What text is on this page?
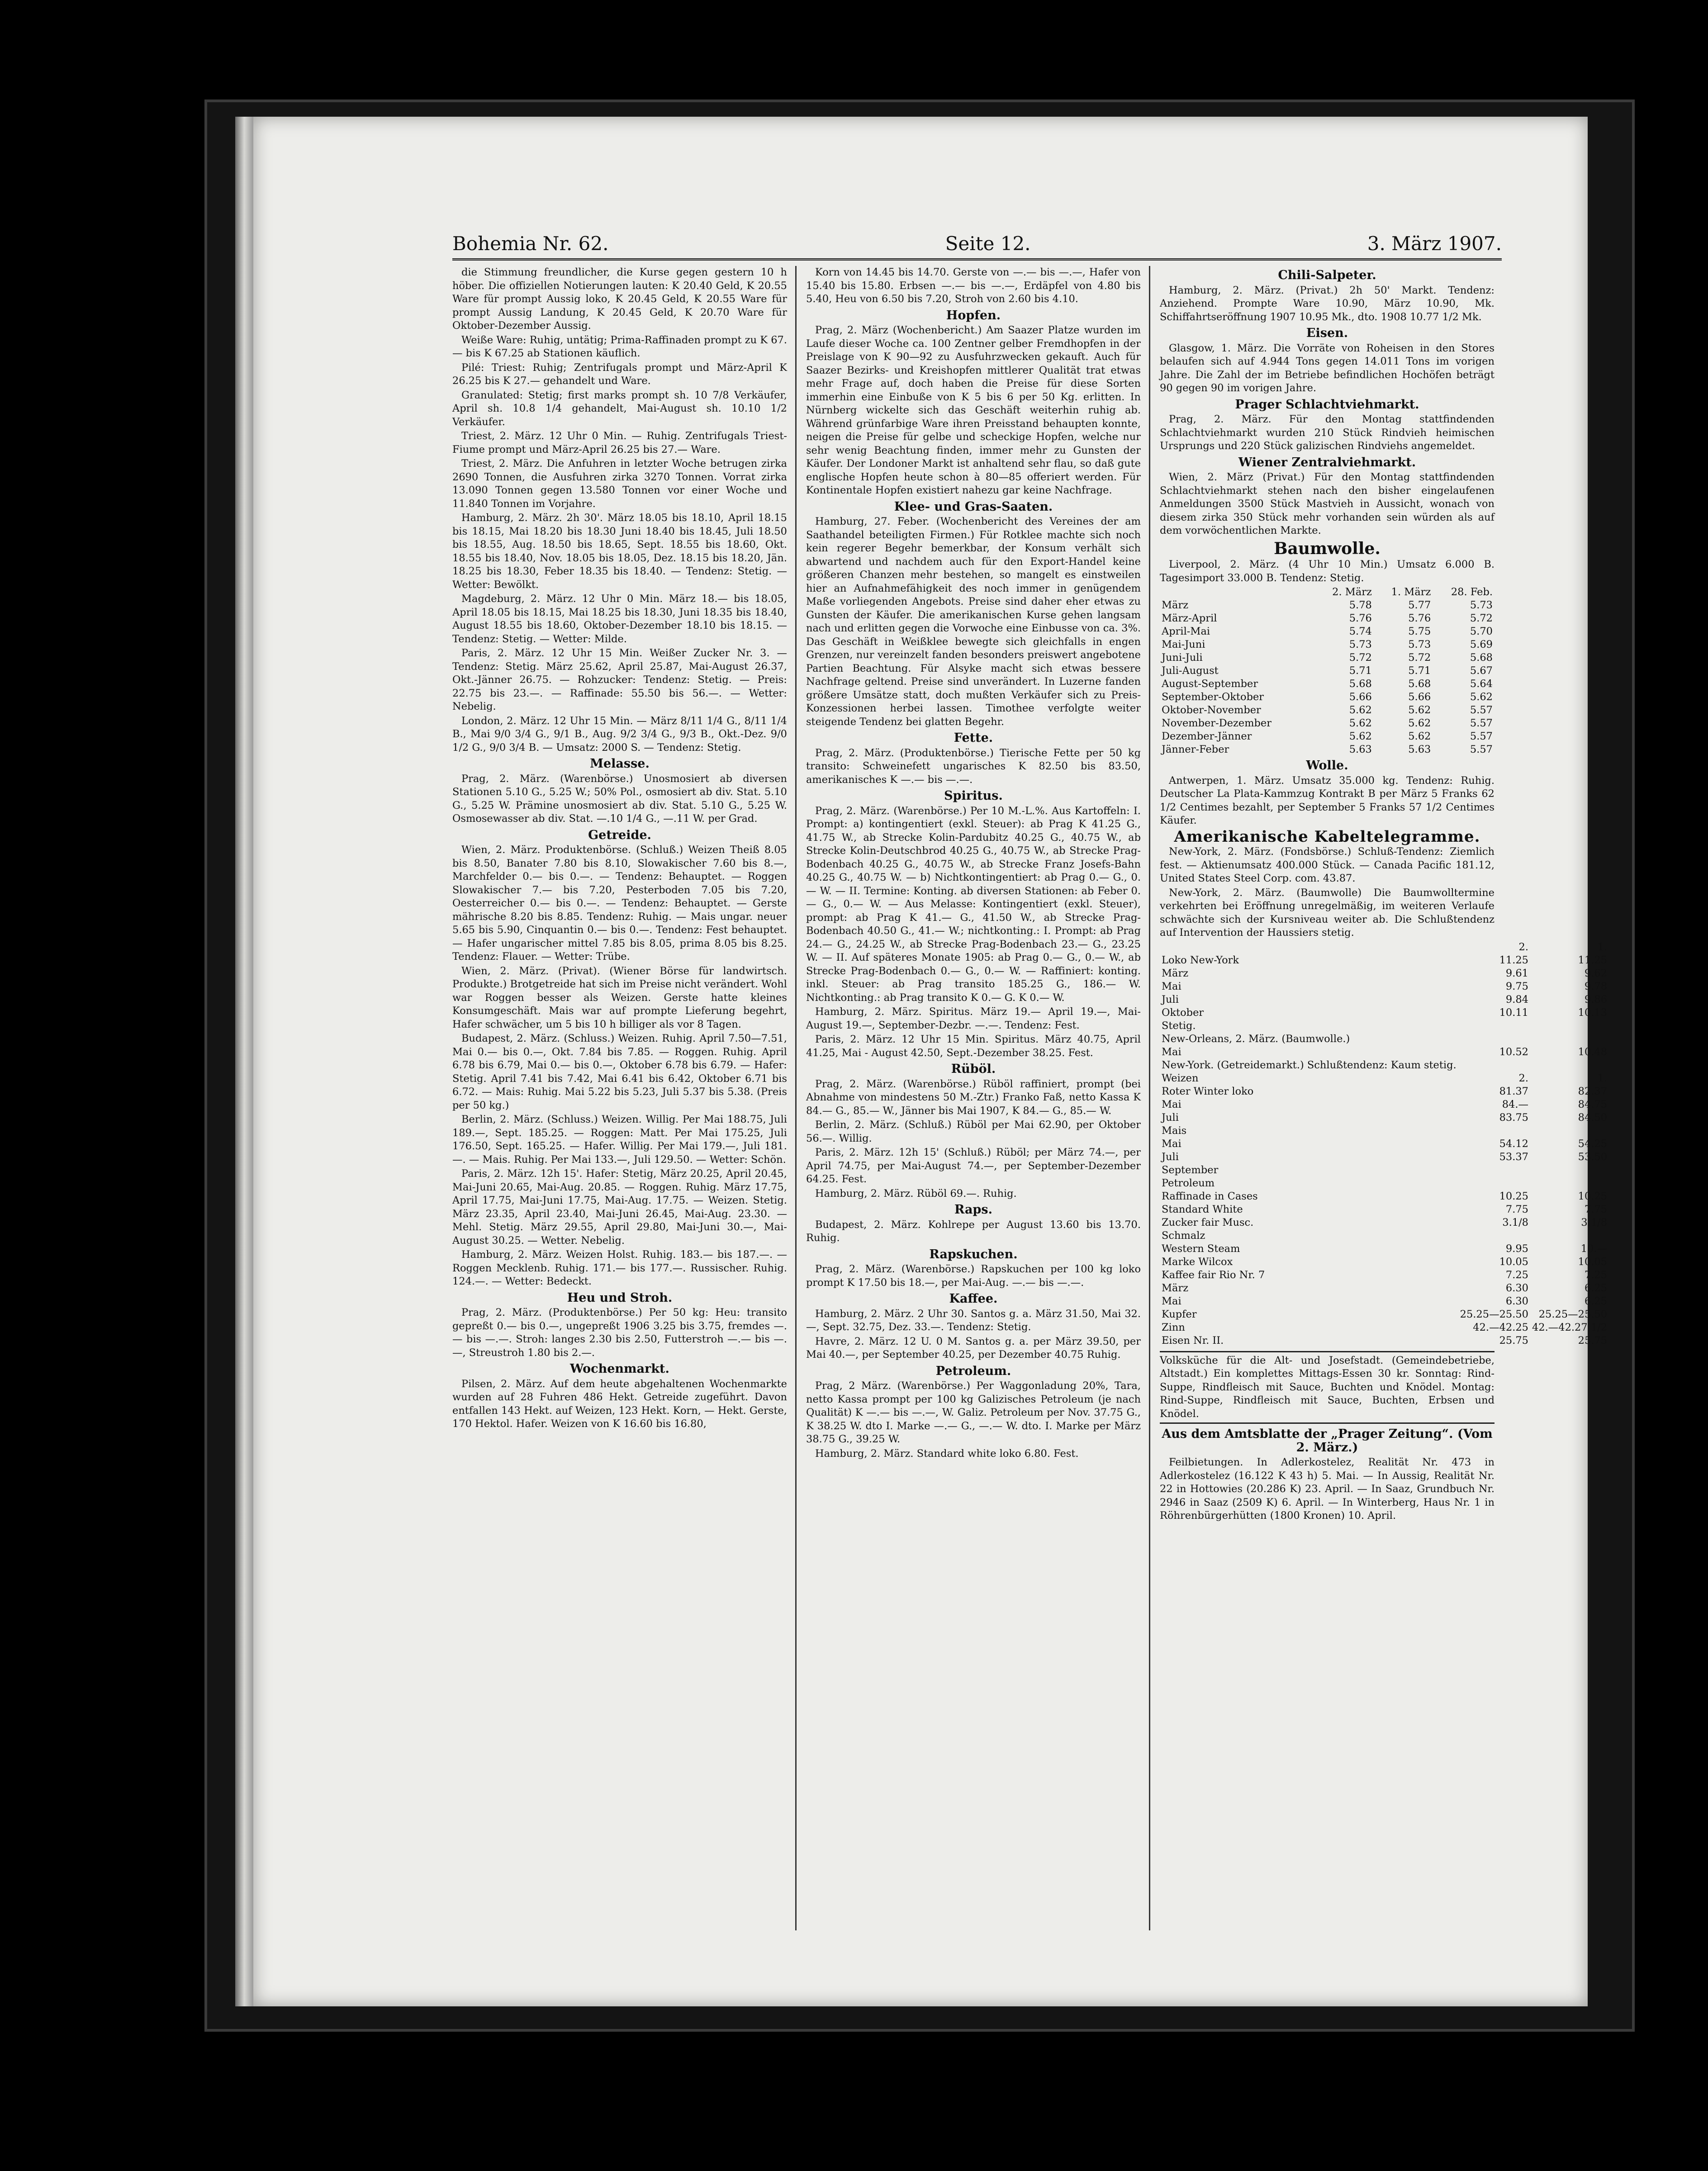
Bohemia Nr. 62.	Seite 12.	3. März 1907.

die Stimmung freundlicher, die Kurse gegen gestern 10 h höber. Die offiziellen Notierungen lauten: K 20.40 Geld, K 20.55 Ware für prompt Aussig loko, K 20.45 Geld, K 20.55 Ware für prompt Aussig Landung, K 20.45 Geld, K 20.70 Ware für Oktober-Dezember Aussig.

Weiße Ware: Ruhig, untätig; Prima-Raffinaden prompt zu K 67.— bis K 67.25 ab Stationen käuflich.

Pilé: Triest: Ruhig; Zentrifugals prompt und März-April K 26.25 bis K 27.— gehandelt und Ware.

Granulated: Stetig; first marks prompt sh. 10 7/8 Verkäufer, April sh. 10.8 1/4 gehandelt, Mai-August sh. 10.10 1/2 Verkäufer.

Triest, 2. März. 12 Uhr 0 Min. — Ruhig. Zentrifugals Triest-Fiume prompt und März-April 26.25 bis 27.— Ware.

Triest, 2. März. Die Anfuhren in letzter Woche betrugen zirka 2690 Tonnen, die Ausfuhren zirka 3270 Tonnen. Vorrat zirka 13.090 Tonnen gegen 13.580 Tonnen vor einer Woche und 11.840 Tonnen im Vorjahre.

Hamburg, 2. März. 2h 30'. März 18.05 bis 18.10, April 18.15 bis 18.15, Mai 18.20 bis 18.30 Juni 18.40 bis 18.45, Juli 18.50 bis 18.55, Aug. 18.50 bis 18.65, Sept. 18.55 bis 18.60, Okt. 18.55 bis 18.40, Nov. 18.05 bis 18.05, Dez. 18.15 bis 18.20, Jän. 18.25 bis 18.30, Feber 18.35 bis 18.40. — Tendenz: Stetig. — Wetter: Bewölkt.

Magdeburg, 2. März. 12 Uhr 0 Min. März 18.— bis 18.05, April 18.05 bis 18.15, Mai 18.25 bis 18.30, Juni 18.35 bis 18.40, August 18.55 bis 18.60, Oktober-Dezember 18.10 bis 18.15. — Tendenz: Stetig. — Wetter: Milde.

Paris, 2. März. 12 Uhr 15 Min. Weißer Zucker Nr. 3. — Tendenz: Stetig. März 25.62, April 25.87, Mai-August 26.37, Okt.-Jänner 26.75. — Rohzucker: Tendenz: Stetig. — Preis: 22.75 bis 23.—. — Raffinade: 55.50 bis 56.—. — Wetter: Nebelig.

London, 2. März. 12 Uhr 15 Min. — März 8/11 1/4 G., 8/11 1/4 B., Mai 9/0 3/4 G., 9/1 B., Aug. 9/2 3/4 G., 9/3 B., Okt.-Dez. 9/0 1/2 G., 9/0 3/4 B. — Umsatz: 2000 S. — Tendenz: Stetig.

Melasse.

Prag, 2. März. (Warenbörse.) Unosmosiert ab diversen Stationen 5.10 G., 5.25 W.; 50% Pol., osmosiert ab div. Stat. 5.10 G., 5.25 W. Prämine unosmosiert ab div. Stat. 5.10 G., 5.25 W. Osmosewasser ab div. Stat. —.10 1/4 G., —.11 W. per Grad.

Getreide.

Wien, 2. März. Produktenbörse. (Schluß.) Weizen Theiß 8.05 bis 8.50, Banater 7.80 bis 8.10, Slowakischer 7.60 bis 8.—, Marchfelder 0.— bis 0.—. — Tendenz: Behauptet. — Roggen Slowakischer 7.— bis 7.20, Pesterboden 7.05 bis 7.20, Oesterreicher 0.— bis 0.—. — Tendenz: Behauptet. — Gerste mährische 8.20 bis 8.85. Tendenz: Ruhig. — Mais ungar. neuer 5.65 bis 5.90, Cinquantin 0.— bis 0.—. Tendenz: Fest behauptet. — Hafer ungarischer mittel 7.85 bis 8.05, prima 8.05 bis 8.25. Tendenz: Flauer. — Wetter: Trübe.

Wien, 2. März. (Privat). (Wiener Börse für landwirtsch. Produkte.) Brotgetreide hat sich im Preise nicht verändert. Wohl war Roggen besser als Weizen. Gerste hatte kleines Konsumgeschäft. Mais war auf prompte Lieferung begehrt, Hafer schwächer, um 5 bis 10 h billiger als vor 8 Tagen.

Budapest, 2. März. (Schluss.) Weizen. Ruhig. April 7.50—7.51, Mai 0.— bis 0.—, Okt. 7.84 bis 7.85. — Roggen. Ruhig. April 6.78 bis 6.79, Mai 0.— bis 0.—, Oktober 6.78 bis 6.79. — Hafer: Stetig. April 7.41 bis 7.42, Mai 6.41 bis 6.42, Oktober 6.71 bis 6.72. — Mais: Ruhig. Mai 5.22 bis 5.23, Juli 5.37 bis 5.38. (Preis per 50 kg.)

Berlin, 2. März. (Schluss.) Weizen. Willig. Per Mai 188.75, Juli 189.—, Sept. 185.25. — Roggen: Matt. Per Mai 175.25, Juli 176.50, Sept. 165.25. — Hafer. Willig. Per Mai 179.—, Juli 181.—. — Mais. Ruhig. Per Mai 133.—, Juli 129.50. — Wetter: Schön.

Paris, 2. März. 12h 15'. Hafer: Stetig, März 20.25, April 20.45, Mai-Juni 20.65, Mai-Aug. 20.85. — Roggen. Ruhig. März 17.75, April 17.75, Mai-Juni 17.75, Mai-Aug. 17.75. — Weizen. Stetig. März 23.35, April 23.40, Mai-Juni 26.45, Mai-Aug. 23.30. — Mehl. Stetig. März 29.55, April 29.80, Mai-Juni 30.—, Mai-August 30.25. — Wetter. Nebelig.

Hamburg, 2. März. Weizen Holst. Ruhig. 183.— bis 187.—. — Roggen Mecklenb. Ruhig. 171.— bis 177.—. Russischer. Ruhig. 124.—. — Wetter: Bedeckt.

Heu und Stroh.

Prag, 2. März. (Produktenbörse.) Per 50 kg: Heu: transito gepreßt 0.— bis 0.—, ungepreßt 1906 3.25 bis 3.75, fremdes —.— bis —.—. Stroh: langes 2.30 bis 2.50, Futterstroh —.— bis —.—, Streustroh 1.80 bis 2.—.

Wochenmarkt.

Pilsen, 2. März. Auf dem heute abgehaltenen Wochenmarkte wurden auf 28 Fuhren 486 Hekt. Getreide zugeführt. Davon entfallen 143 Hekt. auf Weizen, 123 Hekt. Korn, — Hekt. Gerste, 170 Hektol. Hafer. Weizen von K 16.60 bis 16.80,

Korn von 14.45 bis 14.70. Gerste von —.— bis —.—, Hafer von 15.40 bis 15.80. Erbsen —.— bis —.—, Erdäpfel von 4.80 bis 5.40, Heu von 6.50 bis 7.20, Stroh von 2.60 bis 4.10.

Hopfen.

Prag, 2. März (Wochenbericht.) Am Saazer Platze wurden im Laufe dieser Woche ca. 100 Zentner gelber Fremdhopfen in der Preislage von K 90—92 zu Ausfuhrzwecken gekauft. Auch für Saazer Bezirks- und Kreishopfen mittlerer Qualität trat etwas mehr Frage auf, doch haben die Preise für diese Sorten immerhin eine Einbuße von K 5 bis 6 per 50 Kg. erlitten. In Nürnberg wickelte sich das Geschäft weiterhin ruhig ab. Während grünfarbige Ware ihren Preisstand behaupten konnte, neigen die Preise für gelbe und scheckige Hopfen, welche nur sehr wenig Beachtung finden, immer mehr zu Gunsten der Käufer. Der Londoner Markt ist anhaltend sehr flau, so daß gute englische Hopfen heute schon à 80—85 offeriert werden. Für Kontinentale Hopfen existiert nahezu gar keine Nachfrage.

Klee- und Gras-Saaten.

Hamburg, 27. Feber. (Wochenbericht des Vereines der am Saathandel beteiligten Firmen.) Für Rotklee machte sich noch kein regerer Begehr bemerkbar, der Konsum verhält sich abwartend und nachdem auch für den Export-Handel keine größeren Chanzen mehr bestehen, so mangelt es einstweilen hier an Aufnahmefähigkeit des noch immer in genügendem Maße vorliegenden Angebots. Preise sind daher eher etwas zu Gunsten der Käufer. Die amerikanischen Kurse gehen langsam nach und erlitten gegen die Vorwoche eine Einbusse von ca. 3%. Das Geschäft in Weißklee bewegte sich gleichfalls in engen Grenzen, nur vereinzelt fanden besonders preiswert angebotene Partien Beachtung. Für Alsyke macht sich etwas bessere Nachfrage geltend. Preise sind unverändert. In Luzerne fanden größere Umsätze statt, doch mußten Verkäufer sich zu Preis-Konzessionen herbei lassen. Timothee verfolgte weiter steigende Tendenz bei glatten Begehr.

Fette.

Prag, 2. März. (Produktenbörse.) Tierische Fette per 50 kg transito: Schweinefett ungarisches K 82.50 bis 83.50, amerikanisches K —.— bis —.—.

Spiritus.

Prag, 2. März. (Warenbörse.) Per 10 M.-L.%. Aus Kartoffeln: I. Prompt: a) kontingentiert (exkl. Steuer): ab Prag K 41.25 G., 41.75 W., ab Strecke Kolin-Pardubitz 40.25 G., 40.75 W., ab Strecke Kolin-Deutschbrod 40.25 G., 40.75 W., ab Strecke Prag-Bodenbach 40.25 G., 40.75 W., ab Strecke Franz Josefs-Bahn 40.25 G., 40.75 W. — b) Nichtkontingentiert: ab Prag 0.— G., 0.— W. — II. Termine: Konting. ab diversen Stationen: ab Feber 0.— G., 0.— W. — Aus Melasse: Kontingentiert (exkl. Steuer), prompt: ab Prag K 41.— G., 41.50 W., ab Strecke Prag-Bodenbach 40.50 G., 41.— W.; nichtkonting.: I. Prompt: ab Prag 24.— G., 24.25 W., ab Strecke Prag-Bodenbach 23.— G., 23.25 W. — II. Auf späteres Monate 1905: ab Prag 0.— G., 0.— W., ab Strecke Prag-Bodenbach 0.— G., 0.— W. — Raffiniert: konting. inkl. Steuer: ab Prag transito 185.25 G., 186.— W. Nichtkonting.: ab Prag transito K 0.— G. K 0.— W.

Hamburg, 2. März. Spiritus. März 19.— April 19.—, Mai-August 19.—, September-Dezbr. —.—. Tendenz: Fest.

Paris, 2. März. 12 Uhr 15 Min. Spiritus. März 40.75, April 41.25, Mai - August 42.50, Sept.-Dezember 38.25. Fest.

Rüböl.

Prag, 2. März. (Warenbörse.) Rüböl raffiniert, prompt (bei Abnahme von mindestens 50 M.-Ztr.) Franko Faß, netto Kassa K 84.— G., 85.— W., Jänner bis Mai 1907, K 84.— G., 85.— W.

Berlin, 2. März. (Schluß.) Rüböl per Mai 62.90, per Oktober 56.—. Willig.

Paris, 2. März. 12h 15' (Schluß.) Rüböl; per März 74.—, per April 74.75, per Mai-August 74.—, per September-Dezember 64.25. Fest.

Hamburg, 2. März. Rüböl 69.—. Ruhig.

Raps.

Budapest, 2. März. Kohlrepe per August 13.60 bis 13.70. Ruhig.

Rapskuchen.

Prag, 2. März. (Warenbörse.) Rapskuchen per 100 kg loko prompt K 17.50 bis 18.—, per Mai-Aug. —.— bis —.—.

Kaffee.

Hamburg, 2. März. 2 Uhr 30. Santos g. a. März 31.50, Mai 32.—, Sept. 32.75, Dez. 33.—. Tendenz: Stetig.

Havre, 2. März. 12 U. 0 M. Santos g. a. per März 39.50, per Mai 40.—, per September 40.25, per Dezember 40.75 Ruhig.

Petroleum.

Prag, 2 März. (Warenbörse.) Per Waggonladung 20%, Tara, netto Kassa prompt per 100 kg Galizisches Petroleum (je nach Qualität) K —.— bis —.—, W. Galiz. Petroleum per Nov. 37.75 G., K 38.25 W. dto I. Marke —.— G., —.— W. dto. I. Marke per März 38.75 G., 39.25 W.

Hamburg, 2. März. Standard white loko 6.80. Fest.

Chili-Salpeter.

Hamburg, 2. März. (Privat.) 2h 50' Markt. Tendenz: Anziehend. Prompte Ware 10.90, März 10.90, Mk. Schiffahrtseröffnung 1907 10.95 Mk., dto. 1908 10.77 1/2 Mk.

Eisen.

Glasgow, 1. März. Die Vorräte von Roheisen in den Stores belaufen sich auf 4.944 Tons gegen 14.011 Tons im vorigen Jahre. Die Zahl der im Betriebe befindlichen Hochöfen beträgt 90 gegen 90 im vorigen Jahre.

Prager Schlachtviehmarkt.

Prag, 2. März. Für den Montag stattfindenden Schlachtviehmarkt wurden 210 Stück Rindvieh heimischen Ursprungs und 220 Stück galizischen Rindviehs angemeldet.

Wiener Zentralviehmarkt.

Wien, 2. März (Privat.) Für den Montag stattfindenden Schlachtviehmarkt stehen nach den bisher eingelaufenen Anmeldungen 3500 Stück Mastvieh in Aussicht, wonach von diesem zirka 350 Stück mehr vorhanden sein würden als auf dem vorwöchentlichen Markte.

Baumwolle.

Liverpool, 2. März. (4 Uhr 10 Min.) Umsatz 6.000 B. Tagesimport 33.000 B. Tendenz: Stetig.

	2. März	1. März	28. Feb.
März	5.78	5.77	5.73
März-April	5.76	5.76	5.72
April-Mai	5.74	5.75	5.70
Mai-Juni	5.73	5.73	5.69
Juni-Juli	5.72	5.72	5.68
Juli-August	5.71	5.71	5.67
August-September	5.68	5.68	5.64
September-Oktober	5.66	5.66	5.62
Oktober-November	5.62	5.62	5.57
November-Dezember	5.62	5.62	5.57
Dezember-Jänner	5.62	5.62	5.57
Jänner-Feber	5.63	5.63	5.57
Wolle.

Antwerpen, 1. März. Umsatz 35.000 kg. Tendenz: Ruhig. Deutscher La Plata-Kammzug Kontrakt B per März 5 Franks 62 1/2 Centimes bezahlt, per September 5 Franks 57 1/2 Centimes Käufer.

Amerikanische Kabeltelegramme.

New-York, 2. März. (Fondsbörse.) Schluß-Tendenz: Ziemlich fest. — Aktienumsatz 400.000 Stück. — Canada Pacific 181.12, United States Steel Corp. com. 43.87.

New-York, 2. März. (Baumwolle) Die Baumwolltermine verkehrten bei Eröffnung unregelmäßig, im weiteren Verlaufe schwächte sich der Kursniveau weiter ab. Die Schlußtendenz auf Intervention der Haussiers stetig.

	2.	1.
Loko New-York	11.25	11.25
März	9.61	9.62
Mai	9.75	9.78
Juli	9.84	9.86
Oktober	10.11	10.13
Stetig.		
New-Orleans, 2. März. (Baumwolle.)		
Mai	10.52	10.48
New-York. (Getreidemarkt.) Schlußtendenz: Kaum stetig.		
Weizen	2.	1.
Roter Winter loko	81.37	82.37
Mai	84.—	84.75
Juli	83.75	84.50
Mais		
Mai	54.12	54.25
Juli	53.37	53.50
September		
Petroleum		
Raffinade in Cases	10.25	10.25
Standard White	7.75	7.75
Zucker fair Musc.	3.1/8	3.1/8
Schmalz		
Western Steam	9.95	10.—
Marke Wilcox	10.05	10.05
Kaffee fair Rio Nr. 7	7.25	7.25
März	6.30	6.25
Mai	6.30	6.25
Kupfer	25.25—25.50	25.25—25.50
Zinn	42.—42.25	42.—42.27 1/2
Eisen Nr. II.	25.75	25.75
Volksküche für die Alt- und Josefstadt. (Gemeindebetriebe, Altstadt.) Ein komplettes Mittags-Essen 30 kr. Sonntag: Rind-Suppe, Rindfleisch mit Sauce, Buchten und Knödel. Montag: Rind-Suppe, Rindfleisch mit Sauce, Buchten, Erbsen und Knödel.
Aus dem Amtsblatte der „Prager Zeitung“. (Vom 2. März.)

Feilbietungen. In Adlerkostelez, Realität Nr. 473 in Adlerkostelez (16.122 K 43 h) 5. Mai. — In Aussig, Realität Nr. 22 in Hottowies (20.286 K) 23. April. — In Saaz, Grundbuch Nr. 2946 in Saaz (2509 K) 6. April. — In Winterberg, Haus Nr. 1 in Röhrenbürgerhütten (1800 Kronen) 10. April.
